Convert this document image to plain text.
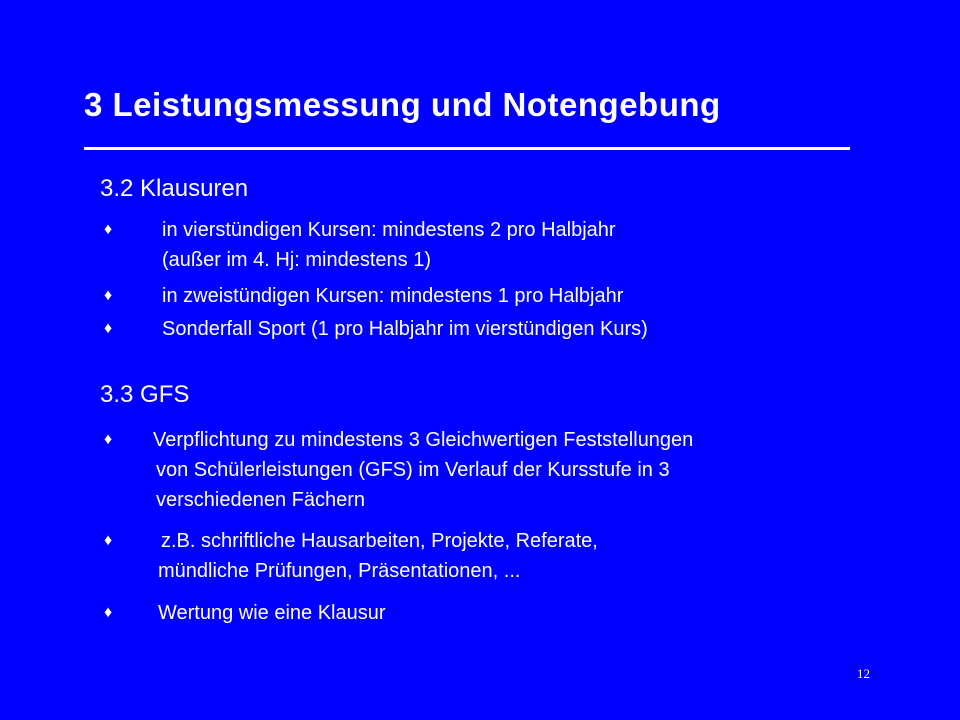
3 Leistungsmessung und Notengebung
3.2 Klausuren
♦ in vierstündigen Kursen: mindestens 2 pro Halbjahr
(außer im 4. Hj: mindestens 1)
♦ in zweistündigen Kursen: mindestens 1 pro Halbjahr
♦ Sonderfall Sport (1 pro Halbjahr im vierstündigen Kurs)
3.3 GFS
♦ Verpflichtung zu mindestens 3 Gleichwertigen Feststellungen
von Schülerleistungen (GFS) im Verlauf der Kursstufe in 3
verschiedenen Fächern
♦ z.B. schriftliche Hausarbeiten, Projekte, Referate,
mündliche Prüfungen, Präsentationen, ...
♦ Wertung wie eine Klausur
12
